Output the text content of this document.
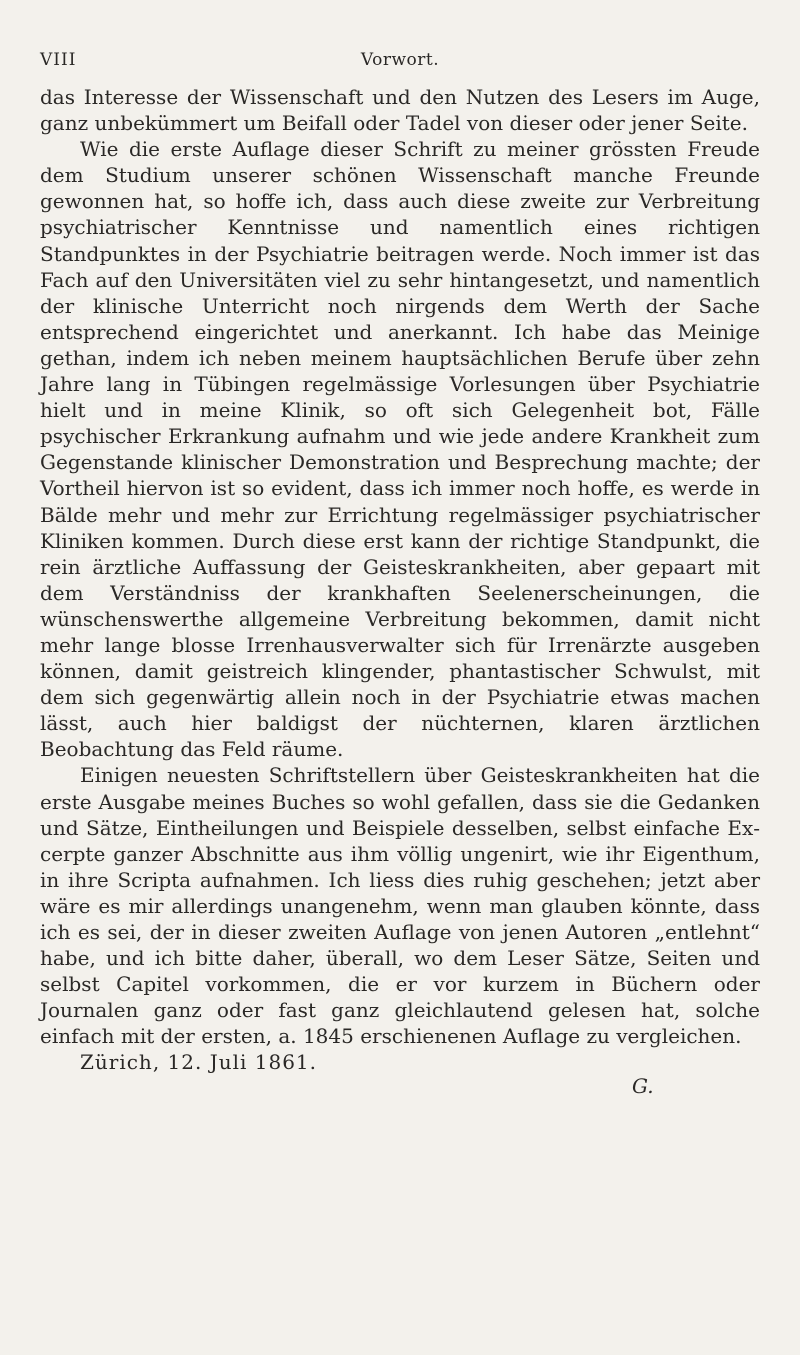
VIII	Vorwort.

das Interesse der Wissenschaft und den Nutzen des Lesers im Auge, ganz unbekümmert um Beifall oder Tadel von dieser oder jener Seite.

Wie die erste Auflage dieser Schrift zu meiner grössten Freude dem Studium unserer schönen Wissenschaft manche Freunde gewonnen hat, so hoffe ich, dass auch diese zweite zur Verbreitung psychiatrischer Kenntnisse und namentlich eines richtigen Standpunktes in der Psychiatrie beitragen werde. Noch immer ist das Fach auf den Universitäten viel zu sehr hintangesetzt, und namentlich der klinische Unterricht noch nirgends dem Werth der Sache entsprechend eingerichtet und anerkannt. Ich habe das Meinige gethan, indem ich neben meinem hauptsächlichen Berufe über zehn Jahre lang in Tübingen regelmässige Vorlesungen über Psychiatrie hielt und in meine Klinik, so oft sich Gelegenheit bot, Fälle psychischer Erkrankung aufnahm und wie jede andere Krankheit zum Gegenstande klinischer Demonstration und Besprechung machte; der Vortheil hiervon ist so evident, dass ich immer noch hoffe, es werde in Bälde mehr und mehr zur Errichtung regelmässiger psychiatrischer Kliniken kommen. Durch diese erst kann der richtige Standpunkt, die rein ärztliche Auffassung der Geisteskrankheiten, aber gepaart mit dem Verständniss der krankhaften Seelenerscheinungen, die wünschenswerthe allgemeine Verbreitung bekommen, damit nicht mehr lange blosse Irrenhausverwalter sich für Irrenärzte ausgeben können, damit geistreich klingender, phantastischer Schwulst, mit dem sich gegenwärtig allein noch in der Psychiatrie etwas machen lässt, auch hier baldigst der nüchternen, klaren ärztlichen Beobachtung das Feld räume.

Einigen neuesten Schriftstellern über Geisteskrankheiten hat die erste Ausgabe meines Buches so wohl gefallen, dass sie die Gedanken und Sätze, Eintheilungen und Beispiele desselben, selbst einfache Excerpte ganzer Abschnitte aus ihm völlig ungenirt, wie ihr Eigenthum, in ihre Scripta aufnahmen. Ich liess dies ruhig geschehen; jetzt aber wäre es mir allerdings unangenehm, wenn man glauben könnte, dass ich es sei, der in dieser zweiten Auflage von jenen Autoren „entlehnt“ habe, und ich bitte daher, überall, wo dem Leser Sätze, Seiten und selbst Capitel vorkommen, die er vor kurzem in Büchern oder Journalen ganz oder fast ganz gleichlautend gelesen hat, solche einfach mit der ersten, a. 1845 erschienenen Auflage zu vergleichen.

Zürich, 12. Juli 1861.
G.
